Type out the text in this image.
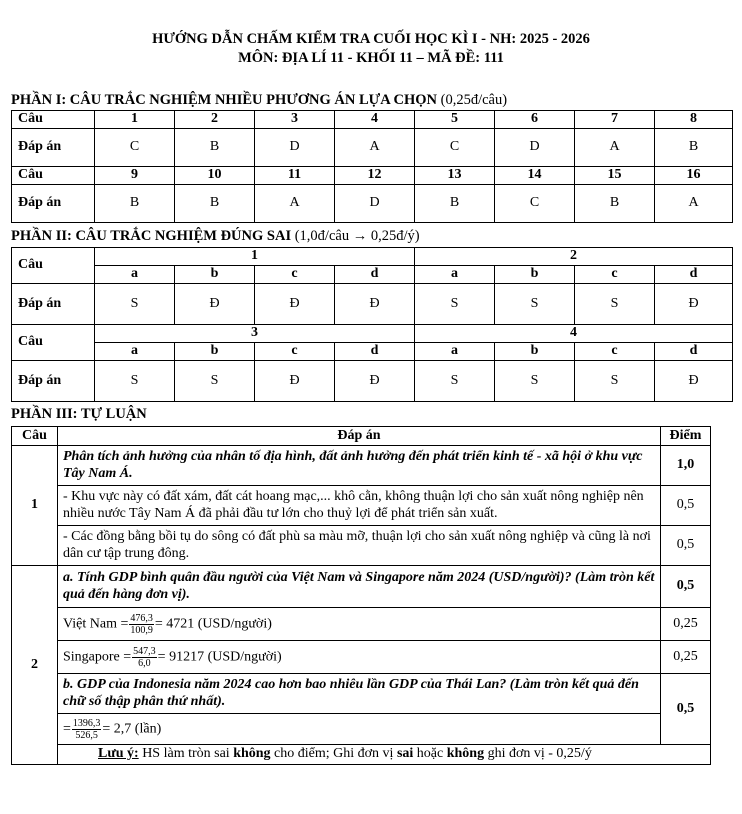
HƯỚNG DẪN CHẤM KIỂM TRA CUỐI HỌC KÌ I - NH: 2025 - 2026
MÔN: ĐỊA LÍ 11 - KHỐI 11 – MÃ ĐỀ: 111
PHẦN I: CÂU TRẮC NGHIỆM NHIỀU PHƯƠNG ÁN LỰA CHỌN (0,25đ/câu)
Câu	1	2	3	4	5	6	7	8
Đáp án	C	B	D	A	C	D	A	B
Câu	9	10	11	12	13	14	15	16
Đáp án	B	B	A	D	B	C	B	A
PHẦN II: CÂU TRẮC NGHIỆM ĐÚNG SAI (1,0đ/câu → 0,25đ/ý)
Câu	1				2			
	a	b	c	d	a	b	c	d
Đáp án	S	Đ	Đ	Đ	S	S	S	Đ
Câu	3				4			
	a	b	c	d	a	b	c	d
Đáp án	S	S	Đ	Đ	S	S	S	Đ
PHẦN III: TỰ LUẬN
Câu	Đáp án	Điểm
1	Phân tích ảnh hưởng của nhân tố địa hình, đất ảnh hưởng đến phát triển kinh tế - xã hội ở khu vực Tây Nam Á.	1,0
	- Khu vực này có đất xám, đất cát hoang mạc,... khô cằn, không thuận lợi cho sản xuất nông nghiệp nên nhiều nước Tây Nam Á đã phải đầu tư lớn cho thuỷ lợi để phát triển sản xuất.	0,5
	- Các đồng bằng bồi tụ do sông có đất phù sa màu mỡ, thuận lợi cho sản xuất nông nghiệp và cũng là nơi dân cư tập trung đông.	0,5
2	a. Tính GDP bình quân đầu người của Việt Nam và Singapore năm 2024 (USD/người)? (Làm tròn kết quả đến hàng đơn vị).	0,5
	Việt Nam = $\frac{476,3}{100,9} = 4721$ (USD/người)	0,25
	Singapore = $\frac{547,3}{6,0} = 91217$ (USD/người)	0,25
	b. GDP của Indonesia năm 2024 cao hơn bao nhiêu lần GDP của Thái Lan? (Làm tròn kết quả đến chữ số thập phân thứ nhất).	0,5
	= $\frac{1396,3}{526,5} = 2,7$ (lần)	
	Lưu ý: HS làm tròn sai không cho điểm; Ghi đơn vị sai hoặc không ghi đơn vị - 0,25/ý	
